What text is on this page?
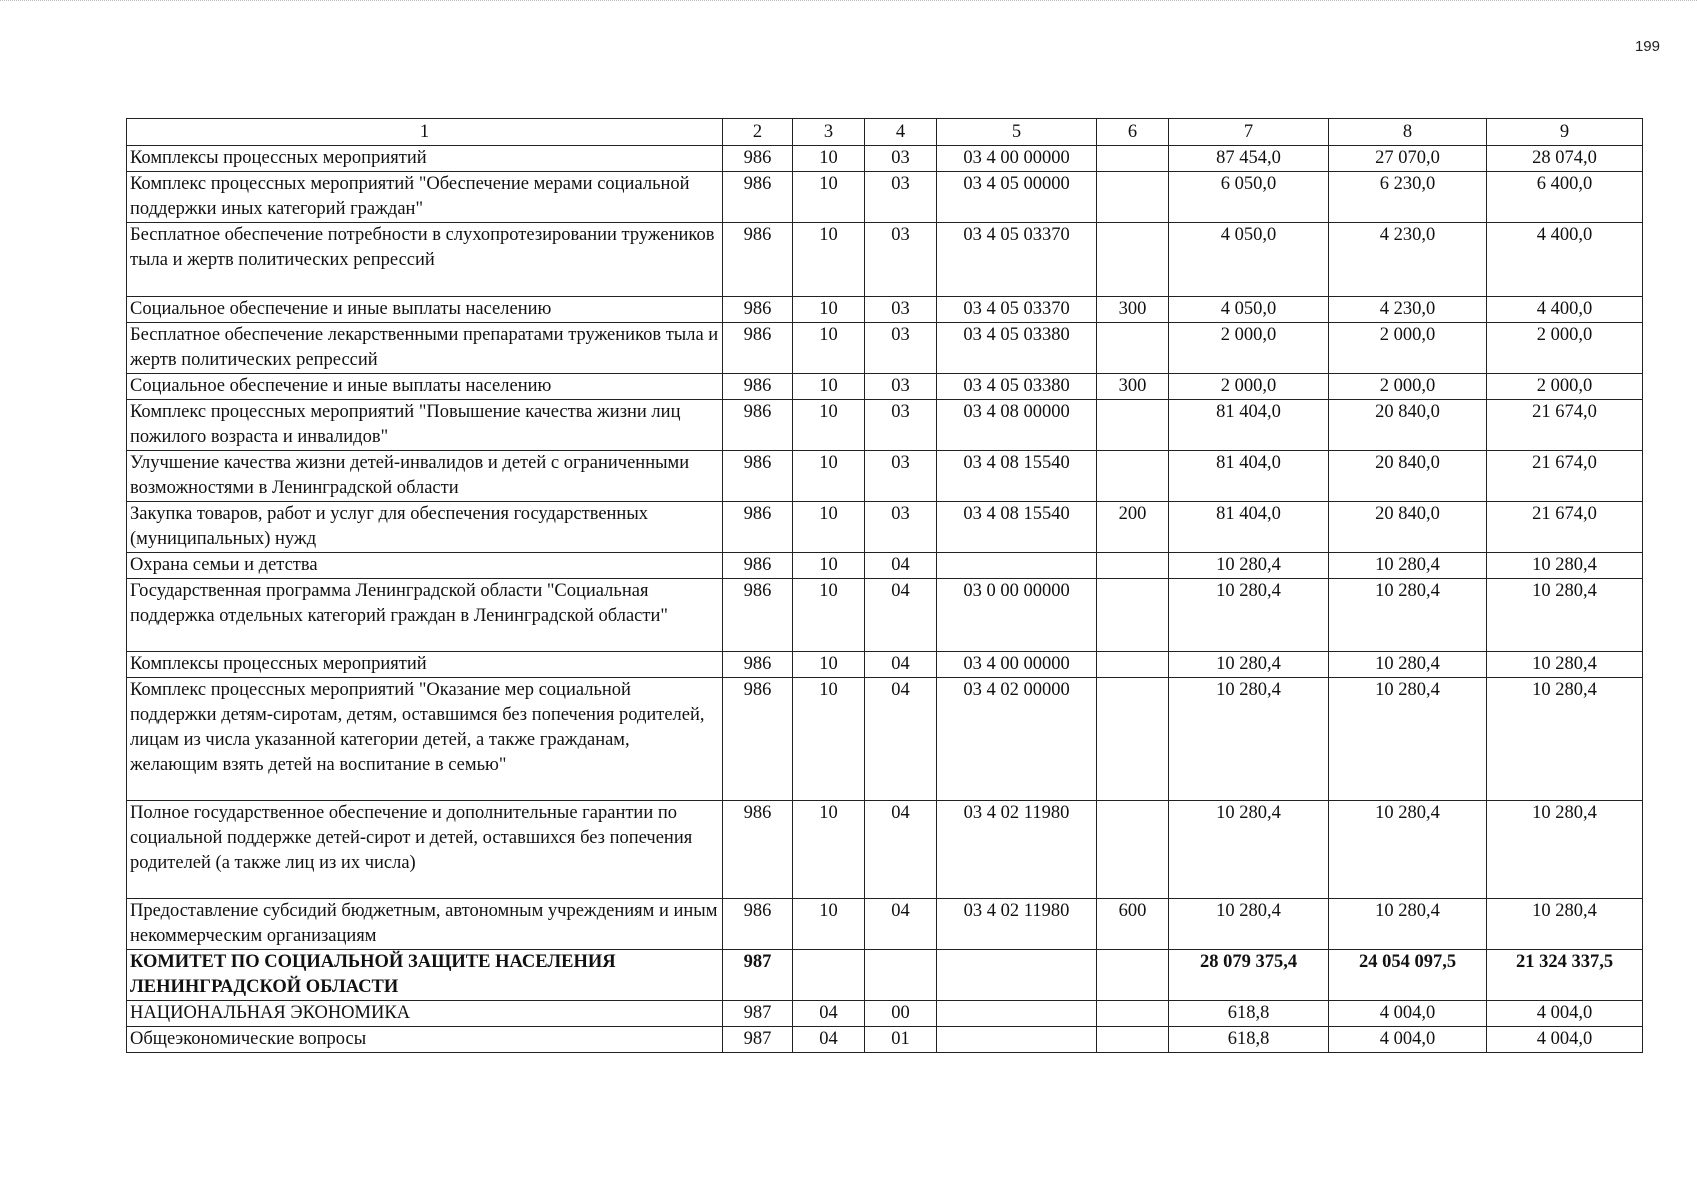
199
1	2	3	4	5	6	7	8	9
Комплексы процессных мероприятий	986	10	03	03 4 00 00000		87 454,0	27 070,0	28 074,0
Комплекс процессных мероприятий "Обеспечение мерами социальной поддержки иных категорий граждан"	986	10	03	03 4 05 00000		6 050,0	6 230,0	6 400,0
Бесплатное обеспечение потребности в слухопротезировании тружеников тыла и жертв политических репрессий	986	10	03	03 4 05 03370		4 050,0	4 230,0	4 400,0
Социальное обеспечение и иные выплаты населению	986	10	03	03 4 05 03370	300	4 050,0	4 230,0	4 400,0
Бесплатное обеспечение лекарственными препаратами тружеников тыла и жертв политических репрессий	986	10	03	03 4 05 03380		2 000,0	2 000,0	2 000,0
Социальное обеспечение и иные выплаты населению	986	10	03	03 4 05 03380	300	2 000,0	2 000,0	2 000,0
Комплекс процессных мероприятий "Повышение качества жизни лиц пожилого возраста и инвалидов"	986	10	03	03 4 08 00000		81 404,0	20 840,0	21 674,0
Улучшение качества жизни детей-инвалидов и детей с ограниченными возможностями в Ленинградской области	986	10	03	03 4 08 15540		81 404,0	20 840,0	21 674,0
Закупка товаров, работ и услуг для обеспечения государственных (муниципальных) нужд	986	10	03	03 4 08 15540	200	81 404,0	20 840,0	21 674,0
Охрана семьи и детства	986	10	04			10 280,4	10 280,4	10 280,4
Государственная программа Ленинградской области "Социальная поддержка отдельных категорий граждан в Ленинградской области"	986	10	04	03 0 00 00000		10 280,4	10 280,4	10 280,4
Комплексы процессных мероприятий	986	10	04	03 4 00 00000		10 280,4	10 280,4	10 280,4
Комплекс процессных мероприятий "Оказание мер социальной поддержки детям-сиротам, детям, оставшимся без попечения родителей, лицам из числа указанной категории детей, а также гражданам, желающим взять детей на воспитание в семью"	986	10	04	03 4 02 00000		10 280,4	10 280,4	10 280,4
Полное государственное обеспечение и дополнительные гарантии по социальной поддержке детей-сирот и детей, оставшихся без попечения родителей (а также лиц из их числа)	986	10	04	03 4 02 11980		10 280,4	10 280,4	10 280,4
Предоставление субсидий бюджетным, автономным учреждениям и иным некоммерческим организациям	986	10	04	03 4 02 11980	600	10 280,4	10 280,4	10 280,4
КОМИТЕТ ПО СОЦИАЛЬНОЙ ЗАЩИТЕ НАСЕЛЕНИЯ ЛЕНИНГРАДСКОЙ ОБЛАСТИ	987					28 079 375,4	24 054 097,5	21 324 337,5
НАЦИОНАЛЬНАЯ ЭКОНОМИКА	987	04	00			618,8	4 004,0	4 004,0
Общеэкономические вопросы	987	04	01			618,8	4 004,0	4 004,0
